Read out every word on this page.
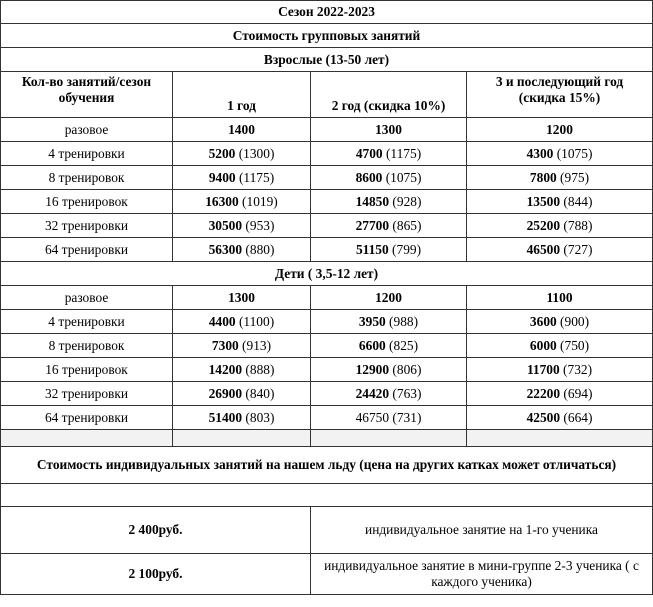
Сезон 2022-2023			
Стоимость групповых занятий			
Взрослые (13-50 лет)			
Кол-во занятий/сезон обучения	1 год	2 год (скидка 10%)	3 и последующий год (скидка 15%)
разовое	1400	1300	1200
4 тренировки	5200 (1300)	4700 (1175)	4300 (1075)
8 тренировок	9400 (1175)	8600 (1075)	7800 (975)
16 тренировок	16300 (1019)	14850 (928)	13500 (844)
32 тренировки	30500 (953)	27700 (865)	25200 (788)
64 тренировки	56300 (880)	51150 (799)	46500 (727)
Дети ( 3,5-12 лет)			
разовое	1300	1200	1100
4 тренировки	4400 (1100)	3950 (988)	3600 (900)
8 тренировок	7300 (913)	6600 (825)	6000 (750)
16 тренировок	14200 (888)	12900 (806)	11700 (732)
32 тренировки	26900 (840)	24420 (763)	22200 (694)
64 тренировки	51400 (803)	46750 (731)	42500 (664)

Стоимость индивидуальных занятий на нашем льду (цена на других катках может отличаться)	

2 400руб.	индивидуальное занятие на 1-го ученика
2 100руб.	индивидуальное занятие в мини-группе 2-3 ученика ( с каждого ученика)
